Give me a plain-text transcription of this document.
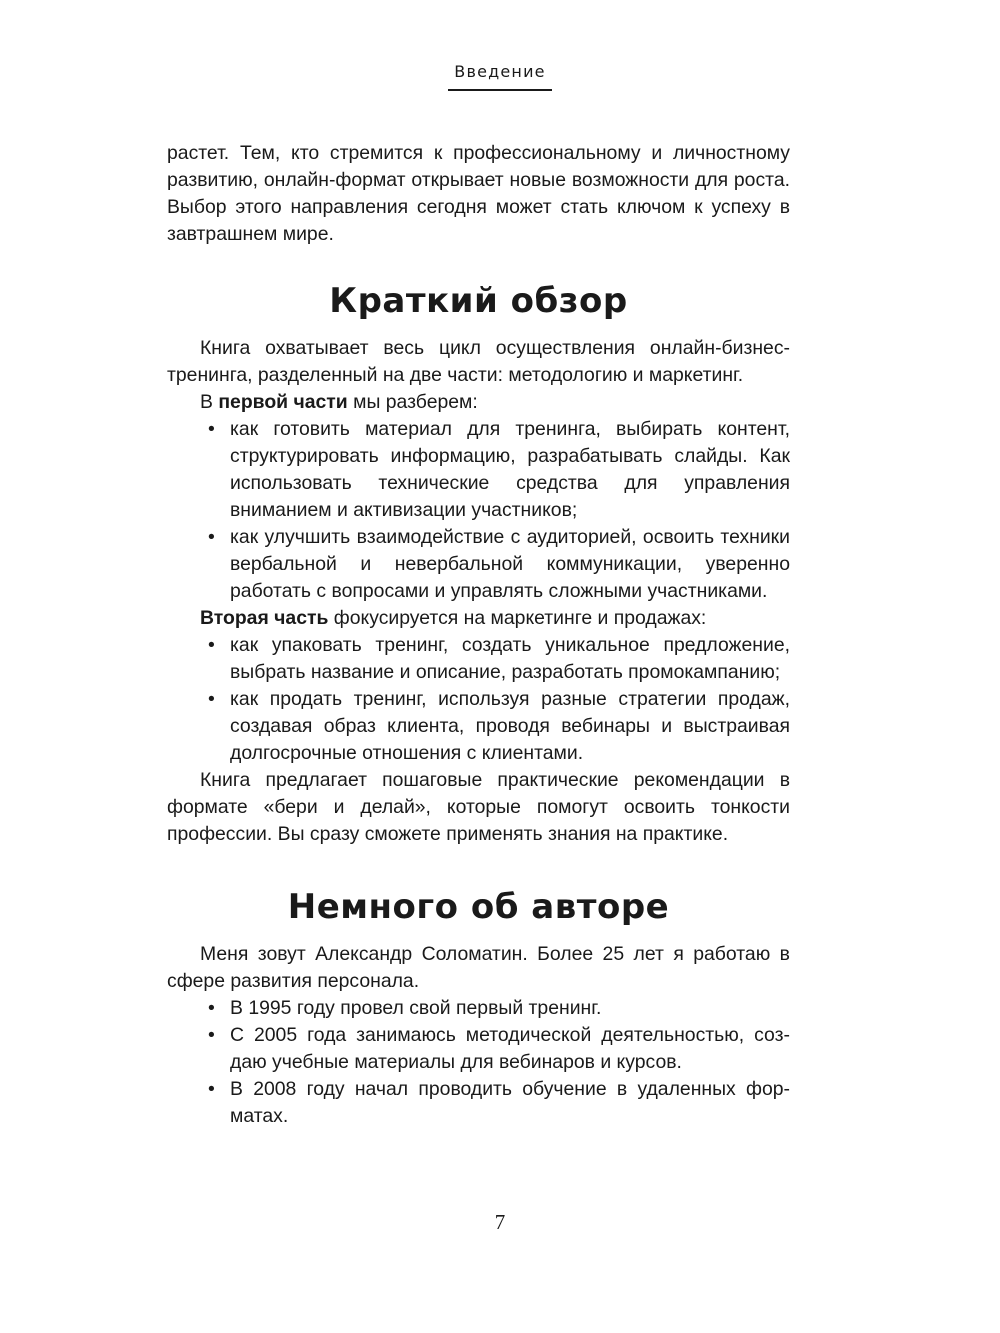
Введение

растет. Тем, кто стремится к профессиональному и личностному развитию, онлайн-формат открывает новые возможности для роста. Выбор этого направления сегодня может стать ключом к успеху в завтрашнем мире.

Краткий обзор

Книга охватывает весь цикл осуществления онлайн-бизнес-тренинга, разделенный на две части: методологию и маркетинг.

В первой части мы разберем:

• как готовить материал для тренинга, выбирать контент, структурировать информацию, разрабатывать слайды. Как использовать технические средства для управления вниманием и активизации участников;
• как улучшить взаимодействие с аудиторией, освоить техники вербальной и невербальной коммуникации, уверенно работать с вопросами и управлять сложными участниками.

Вторая часть фокусируется на маркетинге и продажах:

• как упаковать тренинг, создать уникальное предложение, выбрать название и описание, разработать промокампанию;
• как продать тренинг, используя разные стратегии продаж, создавая образ клиента, проводя вебинары и выстраивая долгосрочные отношения с клиентами.

Книга предлагает пошаговые практические рекомендации в формате «бери и делай», которые помогут освоить тонкости профессии. Вы сразу сможете применять знания на практике.

Немного об авторе

Меня зовут Александр Соломатин. Более 25 лет я работаю в сфере развития персонала.

• В 1995 году провел свой первый тренинг.
• С 2005 года занимаюсь методической деятельностью, создаю учебные материалы для вебинаров и курсов.
• В 2008 году начал проводить обучение в удаленных форматах.
7
